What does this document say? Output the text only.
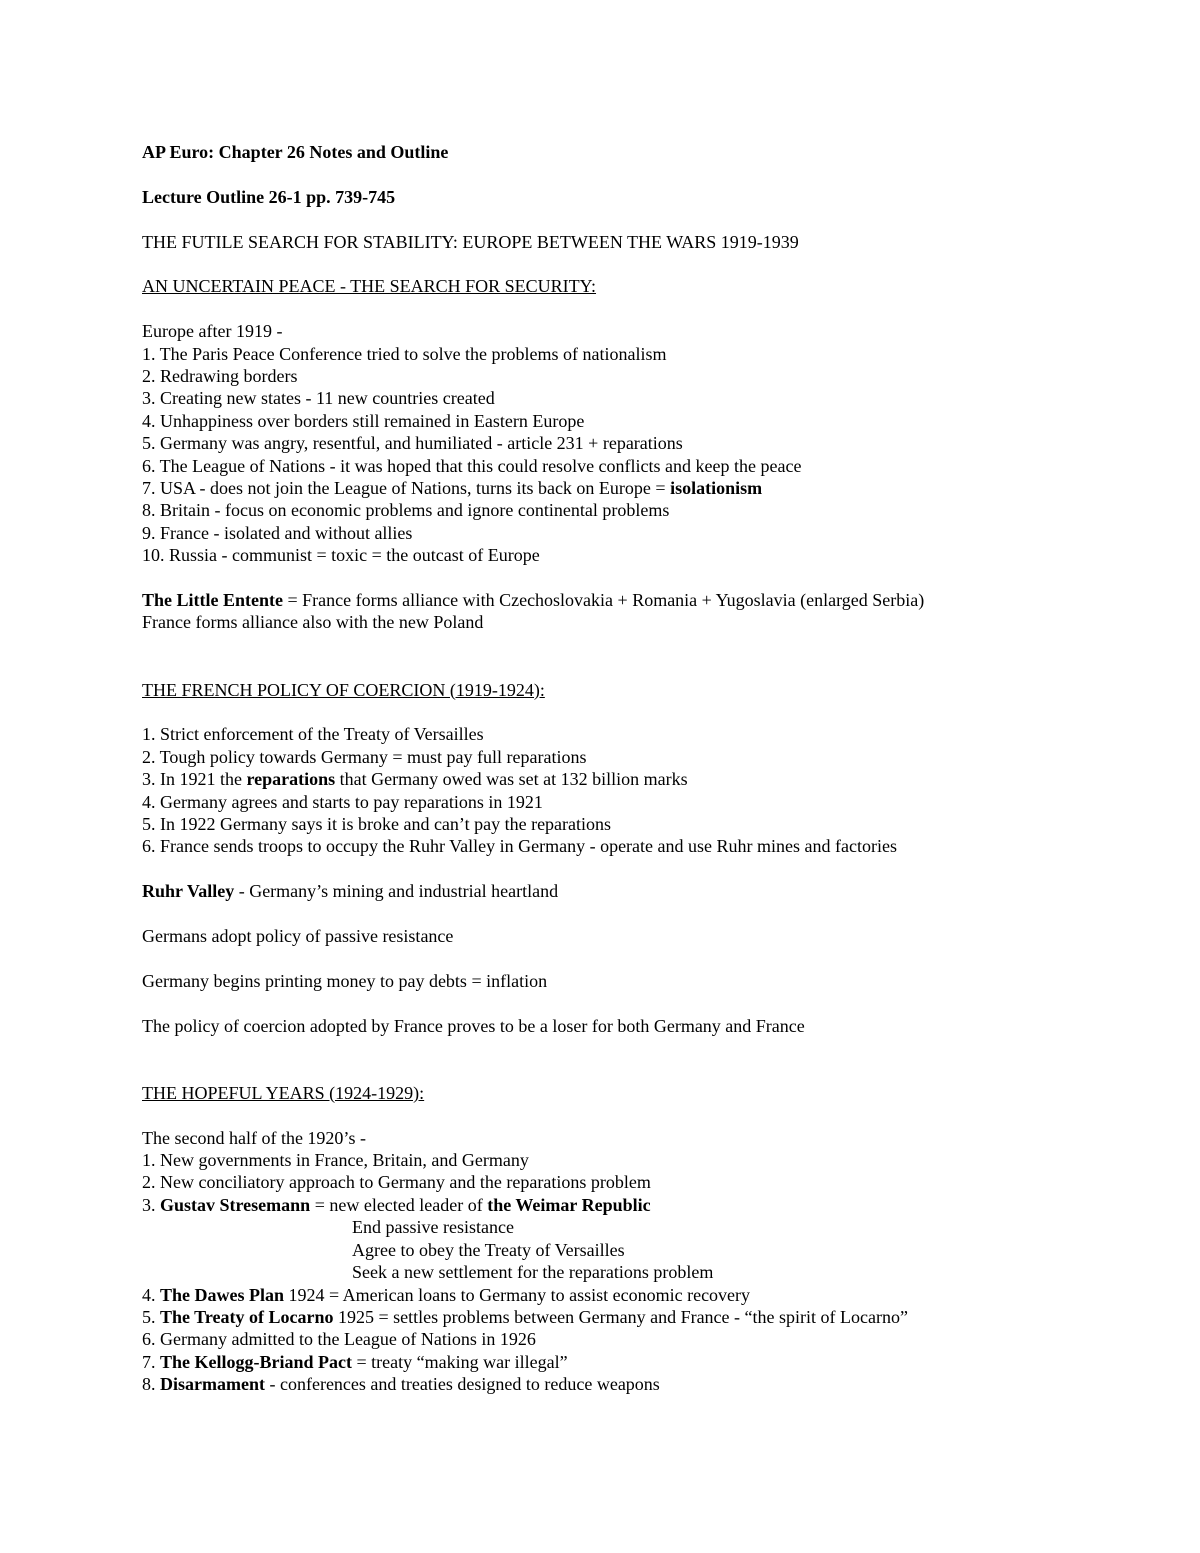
AP Euro: Chapter 26 Notes and Outline
Lecture Outline 26-1 pp. 739-745
THE FUTILE SEARCH FOR STABILITY: EUROPE BETWEEN THE WARS 1919-1939
AN UNCERTAIN PEACE - THE SEARCH FOR SECURITY:
Europe after 1919 -
1. The Paris Peace Conference tried to solve the problems of nationalism
2. Redrawing borders
3. Creating new states - 11 new countries created
4. Unhappiness over borders still remained in Eastern Europe
5. Germany was angry, resentful, and humiliated - article 231 + reparations
6. The League of Nations - it was hoped that this could resolve conflicts and keep the peace
7. USA - does not join the League of Nations, turns its back on Europe = isolationism
8. Britain - focus on economic problems and ignore continental problems
9. France - isolated and without allies
10. Russia - communist = toxic = the outcast of Europe
The Little Entente = France forms alliance with Czechoslovakia + Romania + Yugoslavia (enlarged Serbia)
France forms alliance also with the new Poland
THE FRENCH POLICY OF COERCION (1919-1924):
1. Strict enforcement of the Treaty of Versailles
2. Tough policy towards Germany = must pay full reparations
3. In 1921 the reparations that Germany owed was set at 132 billion marks
4. Germany agrees and starts to pay reparations in 1921
5. In 1922 Germany says it is broke and can’t pay the reparations
6. France sends troops to occupy the Ruhr Valley in Germany - operate and use Ruhr mines and factories
Ruhr Valley - Germany’s mining and industrial heartland
Germans adopt policy of passive resistance
Germany begins printing money to pay debts = inflation
The policy of coercion adopted by France proves to be a loser for both Germany and France
THE HOPEFUL YEARS (1924-1929):
The second half of the 1920’s -
1. New governments in France, Britain, and Germany
2. New conciliatory approach to Germany and the reparations problem
3. Gustav Stresemann = new elected leader of the Weimar Republic
End passive resistance
Agree to obey the Treaty of Versailles
Seek a new settlement for the reparations problem
4. The Dawes Plan 1924 = American loans to Germany to assist economic recovery
5. The Treaty of Locarno 1925 = settles problems between Germany and France - “the spirit of Locarno”
6. Germany admitted to the League of Nations in 1926
7. The Kellogg-Briand Pact = treaty “making war illegal”
8. Disarmament - conferences and treaties designed to reduce weapons
